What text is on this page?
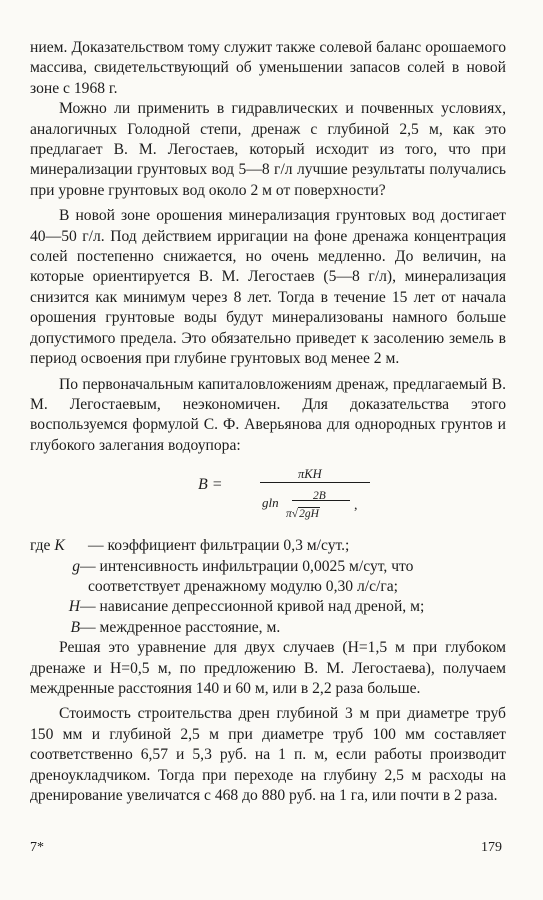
нием. Доказательством тому служит также солевой баланс орошаемого массива, свидетельствующий об уменьшении запасов солей в новой зоне с 1968 г.

Можно ли применить в гидравлических и почвенных условиях, аналогичных Голодной степи, дренаж с глубиной 2,5 м, как это предлагает В. М. Легостаев, который исходит из того, что при минерализации грунтовых вод 5—8 г/л лучшие результаты получались при уровне грунтовых вод около 2 м от поверхности?

В новой зоне орошения минерализация грунтовых вод достигает 40—50 г/л. Под действием ирригации на фоне дренажа концентрация солей постепенно снижается, но очень медленно. До величин, на которые ориентируется В. М. Легостаев (5—8 г/л), минерализация снизится как минимум через 8 лет. Тогда в течение 15 лет от начала орошения грунтовые воды будут минерализованы намного больше допустимого предела. Это обязательно приведет к засолению земель в период освоения при глубине грунтовых вод менее 2 м.

По первоначальным капиталовложениям дренаж, предлагаемый В. М. Легостаевым, неэкономичен. Для доказательства этого воспользуемся формулой С. Ф. Аверьянова для однородных грунтов и глубокого залегания водоупора:

B =
πKH
gln	2B
π√2gH
,
где K	— коэффициент фильтрации 0,3 м/сут.;
g — интенсивность инфильтрации 0,0025 м/сут, что
соответствует дренажному модулю 0,30 л/с/га;
H — нависание депрессионной кривой над дреной, м;
B — междренное расстояние, м.

Решая это уравнение для двух случаев (H=1,5 м при глубоком дренаже и H=0,5 м, по предложению В. М. Легостаева), получаем междренные расстояния 140 и 60 м, или в 2,2 раза больше.

Стоимость строительства дрен глубиной 3 м при диаметре труб 150 мм и глубиной 2,5 м при диаметре труб 100 мм составляет соответственно 6,57 и 5,3 руб. на 1 п. м, если работы производит дреноукладчиком. Тогда при переходе на глубину 2,5 м расходы на дренирование увеличатся с 468 до 880 руб. на 1 га, или почти в 2 раза.

7*	179
